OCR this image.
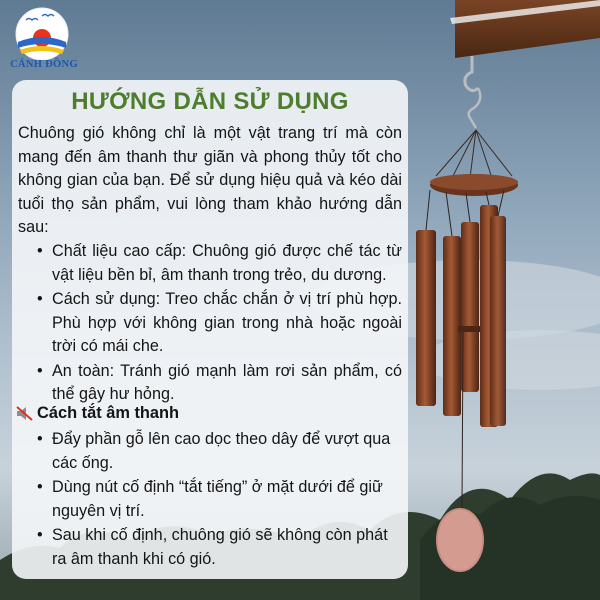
CÁNH ĐỒNG
HƯỚNG DẪN SỬ DỤNG

Chuông gió không chỉ là một vật trang trí mà còn mang đến âm thanh thư giãn và phong thủy tốt cho không gian của bạn. Để sử dụng hiệu quả và kéo dài tuổi thọ sản phẩm, vui lòng tham khảo hướng dẫn sau:

• Chất liệu cao cấp: Chuông gió được chế tác từ vật liệu bền bỉ, âm thanh trong trẻo, du dương.
• Cách sử dụng: Treo chắc chắn ở vị trí phù hợp. Phù hợp với không gian trong nhà hoặc ngoài trời có mái che.
• An toàn: Tránh gió mạnh làm rơi sản phẩm, có thể gây hư hỏng.
Cách tắt âm thanh
• Đẩy phần gỗ lên cao dọc theo dây để vượt qua các ống.
• Dùng nút cố định “tắt tiếng” ở mặt dưới để giữ nguyên vị trí.
• Sau khi cố định, chuông gió sẽ không còn phát ra âm thanh khi có gió.
